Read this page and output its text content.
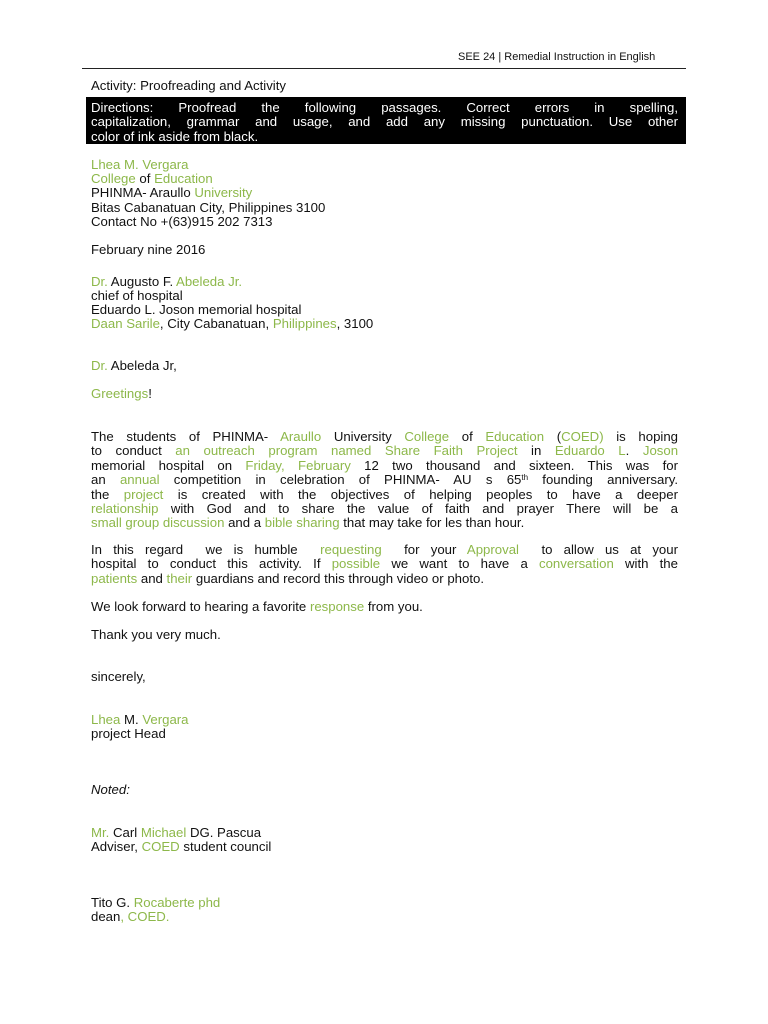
SEE 24 | Remedial Instruction in English
Activity: Proofreading and Activity
Directions: Proofread the following passages. Correct errors in spelling,
capitalization, grammar and usage, and add any missing punctuation. Use other
color of ink aside from black.
Lhea M. Vergara
College of Education
PHINMA- Araullo University
Bitas Cabanatuan City, Philippines 3100
Contact No +(63)915 202 7313
February nine 2016
Dr. Augusto F. Abeleda Jr.
chief of hospital
Eduardo L. Joson memorial hospital
Daan Sarile, City Cabanatuan, Philippines, 3100
Dr. Abeleda Jr,
Greetings!
The students of PHINMA- Araullo University College of Education (COED) is hoping
to conduct an outreach program named Share Faith Project in Eduardo L. Joson
memorial hospital on Friday, February 12 two thousand and sixteen. This was for
an annual competition in celebration of PHINMA- AU s 65th founding anniversary.
the project is created with the objectives of helping peoples to have a deeper
relationship with God and to share the value of faith and prayer There will be a
small group discussion and a bible sharing that may take for les than hour.
In this regard  we is humble  requesting  for your Approval  to allow us at your
hospital to conduct this activity. If possible we want to have a conversation with the
patients and their guardians and record this through video or photo.
We look forward to hearing a favorite response from you.
Thank you very much.
sincerely,
Lhea M. Vergara
project Head
Noted:
Mr. Carl Michael DG. Pascua
Adviser, COED student council
Tito G. Rocaberte phd
dean, COED.
